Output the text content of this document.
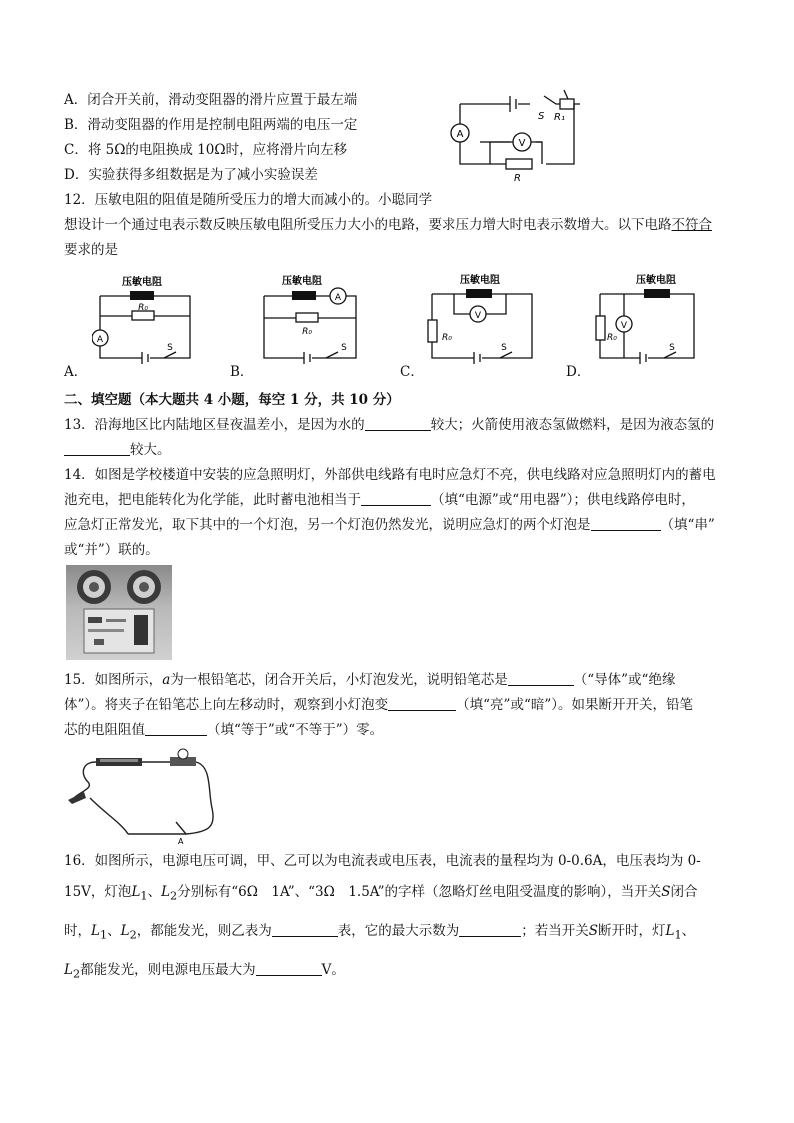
A．闭合开关前，滑动变阻器的滑片应置于最左端
B．滑动变阻器的作用是控制电阻两端的电压一定
C．将 5Ω的电阻换成 10Ω时，应将滑片向左移
D．实验获得多组数据是为了减小实验误差
A
V
S R₁
R
12．压敏电阻的阻值是随所受压力的增大而减小的。小聪同学
想设计一个通过电表示数反映压敏电阻所受压力大小的电路，要求压力增大时电表示数增大。以下电路不符合
要求的是
压敏电阻
R₀
A
S
A．
压敏电阻
A
R₀
S
B．
压敏电阻
V
R₀
S
C．
压敏电阻
V
R₀
S
D．
二、填空题（本大题共 4 小题，每空 1 分，共 10 分）
13．沿海地区比内陆地区昼夜温差小，是因为水的	较大；火箭使用液态氢做燃料，是因为液态氢的
较大。
14．如图是学校楼道中安装的应急照明灯，外部供电线路有电时应急灯不亮，供电线路对应急照明灯内的蓄电
池充电，把电能转化为化学能，此时蓄电池相当于	（填“电源”或“用电器”）；供电线路停电时，
应急灯正常发光，取下其中的一个灯泡，另一个灯泡仍然发光，说明应急灯的两个灯泡是	（填“串”
或“并”）联的。
15．如图所示，a为一根铅笔芯，闭合开关后，小灯泡发光，说明铅笔芯是	（“导体”或“绝缘
体”）。将夹子在铅笔芯上向左移动时，观察到小灯泡变	（填“亮”或“暗”）。如果断开开关，铅笔
芯的电阻阻值	（填“等于”或“不等于”）零。
A
16．如图所示，电源电压可调，甲、乙可以为电流表或电压表，电流表的量程均为 0-0.6A，电压表均为 0-
15V，灯泡$L_1$、$L_2$分别标有“6Ω　1A”、“3Ω　1.5A”的字样（忽略灯丝电阻受温度的影响），当开关S闭合
时，$L_1$、$L_2$，都能发光，则乙表为	表，它的最大示数为	；若当开关S断开时，灯$L_1$、
$L_2$都能发光，则电源电压最大为	V。
